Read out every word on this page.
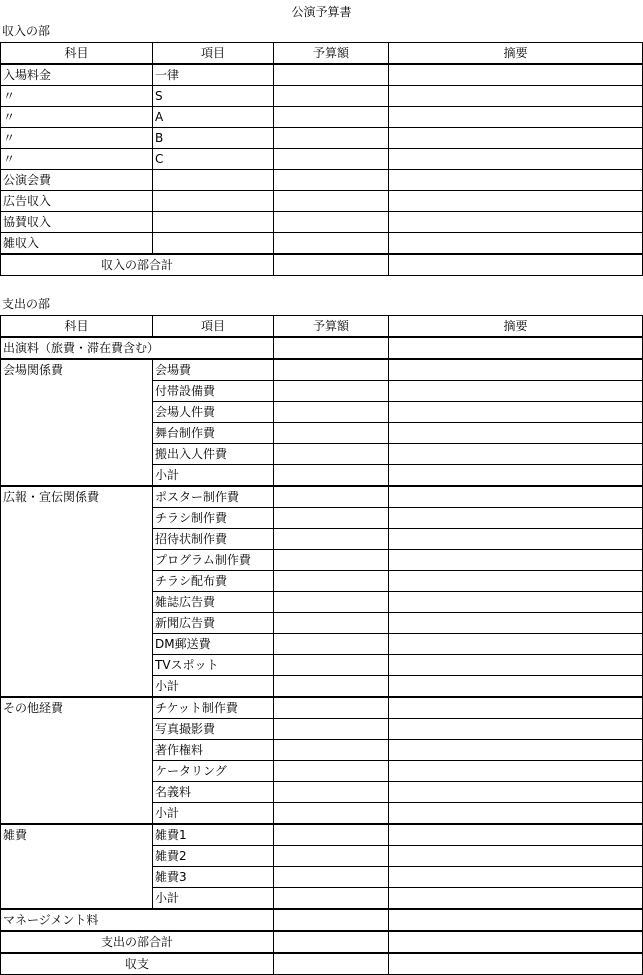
公演予算書
収入の部
科目	項目	予算額	摘要
入場料金	一律		
〃	S		
〃	A		
〃	B		
〃	C		
公演会費			
広告収入			
協賛収入			
雑収入			
収入の部合計			
支出の部
科目	項目	予算額	摘要
出演料（旅費・滞在費含む）			
会場関係費	会場費		
	付帯設備費		
	会場人件費		
	舞台制作費		
	搬出入人件費		
	小計		
広報・宣伝関係費	ポスター制作費		
	チラシ制作費		
	招待状制作費		
	プログラム制作費		
	チラシ配布費		
	雑誌広告費		
	新聞広告費		
	DM郵送費		
	TVスポット		
	小計		
その他経費	チケット制作費		
	写真撮影費		
	著作権料		
	ケータリング		
	名義料		
	小計		
雑費	雑費1		
	雑費2		
	雑費3		
	小計		
マネージメント料			
支出の部合計			
収支			
